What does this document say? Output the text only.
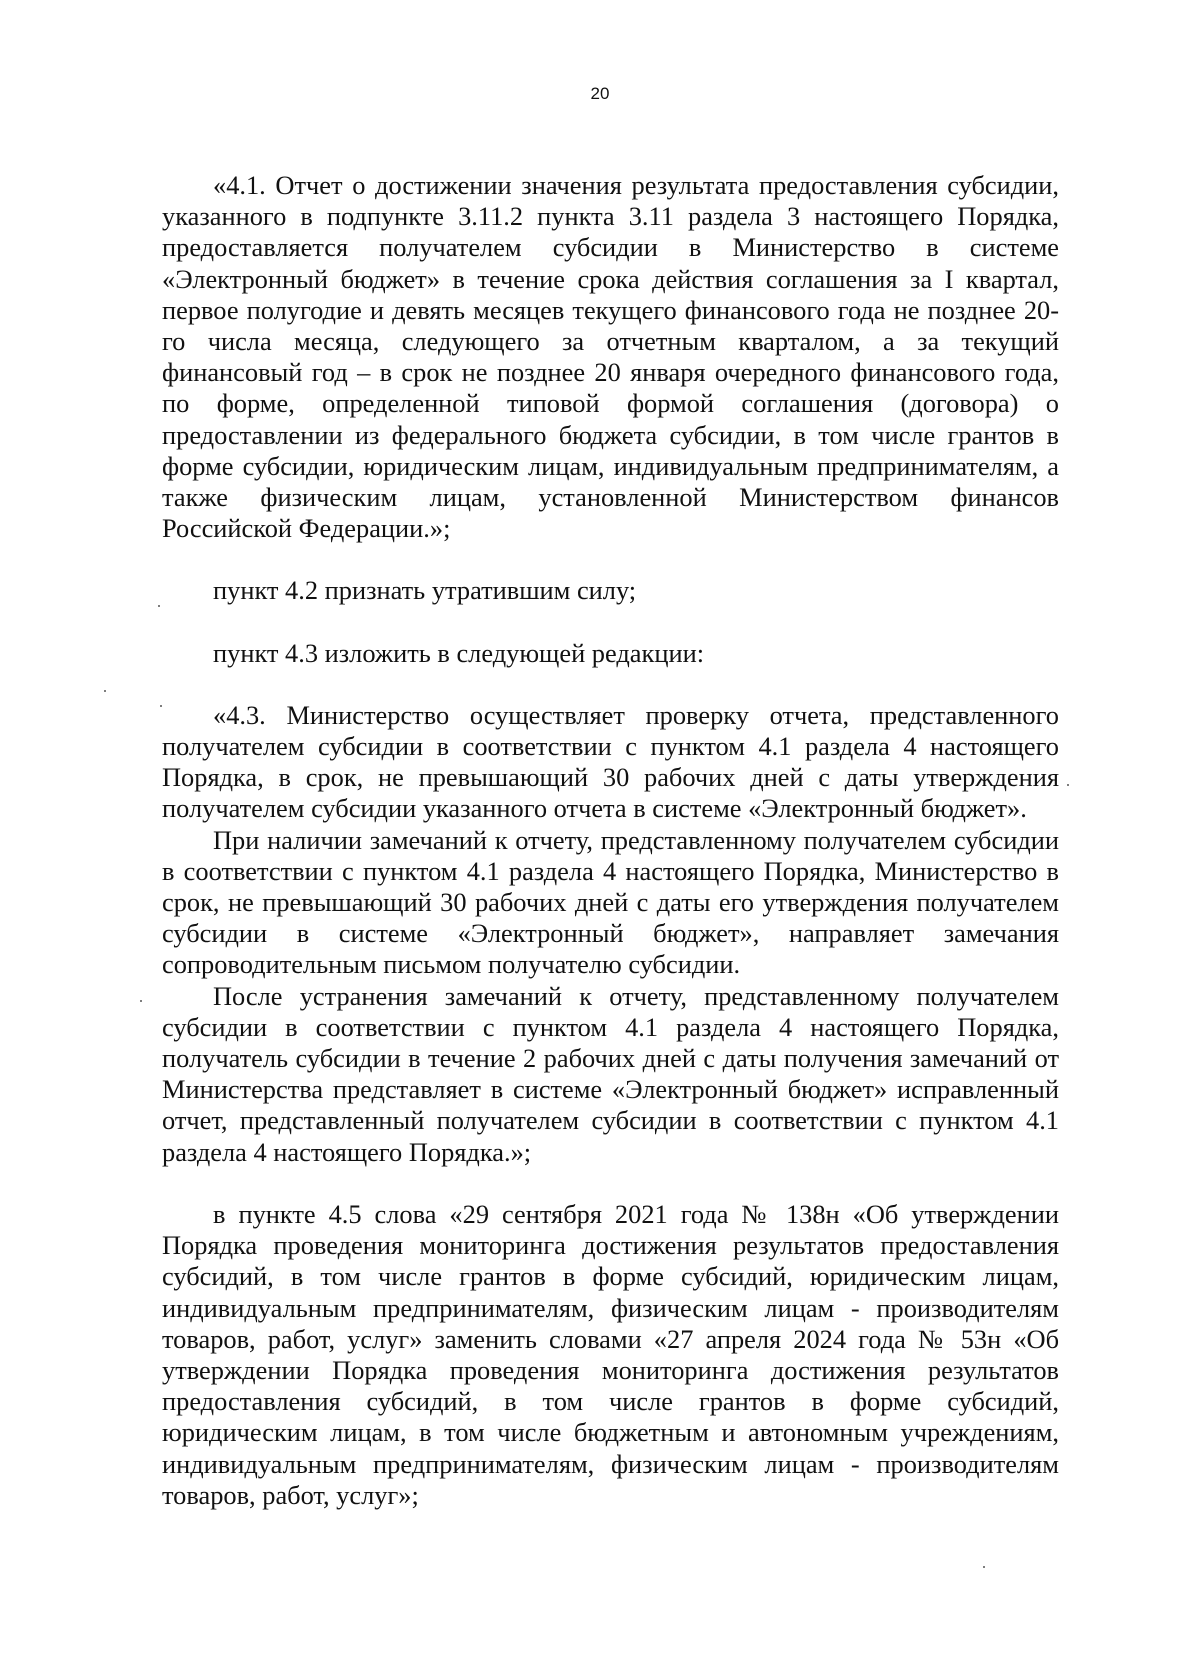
20

«4.1. Отчет о достижении значения результата предоставления субсидии, указанного в подпункте 3.11.2 пункта 3.11 раздела 3 настоящего Порядка, предоставляется получателем субсидии в Министерство в системе «Электронный бюджет» в течение срока действия соглашения за I квартал, первое полугодие и девять месяцев текущего финансового года не позднее 20-го числа месяца, следующего за отчетным кварталом, а за текущий финансовый год – в срок не позднее 20 января очередного финансового года, по форме, определенной типовой формой соглашения (договора) о предоставлении из федерального бюджета субсидии, в том числе грантов в форме субсидии, юридическим лицам, индивидуальным предпринимателям, а также физическим лицам, установленной Министерством финансов Российской Федерации.»;

пункт 4.2 признать утратившим силу;

пункт 4.3 изложить в следующей редакции:

«4.3. Министерство осуществляет проверку отчета, представленного получателем субсидии в соответствии с пунктом 4.1 раздела 4 настоящего Порядка, в срок, не превышающий 30 рабочих дней с даты утверждения получателем субсидии указанного отчета в системе «Электронный бюджет».

При наличии замечаний к отчету, представленному получателем субсидии в соответствии с пунктом 4.1 раздела 4 настоящего Порядка, Министерство в срок, не превышающий 30 рабочих дней с даты его утверждения получателем субсидии в системе «Электронный бюджет», направляет замечания сопроводительным письмом получателю субсидии.

После устранения замечаний к отчету, представленному получателем субсидии в соответствии с пунктом 4.1 раздела 4 настоящего Порядка, получатель субсидии в течение 2 рабочих дней с даты получения замечаний от Министерства представляет в системе «Электронный бюджет» исправленный отчет, представленный получателем субсидии в соответствии с пунктом 4.1 раздела 4 настоящего Порядка.»;

в пункте 4.5 слова «29 сентября 2021 года № 138н «Об утверждении Порядка проведения мониторинга достижения результатов предоставления субсидий, в том числе грантов в форме субсидий, юридическим лицам, индивидуальным предпринимателям, физическим лицам - производителям товаров, работ, услуг» заменить словами «27 апреля 2024 года № 53н «Об утверждении Порядка проведения мониторинга достижения результатов предоставления субсидий, в том числе грантов в форме субсидий, юридическим лицам, в том числе бюджетным и автономным учреждениям, индивидуальным предпринимателям, физическим лицам - производителям товаров, работ, услуг»;
